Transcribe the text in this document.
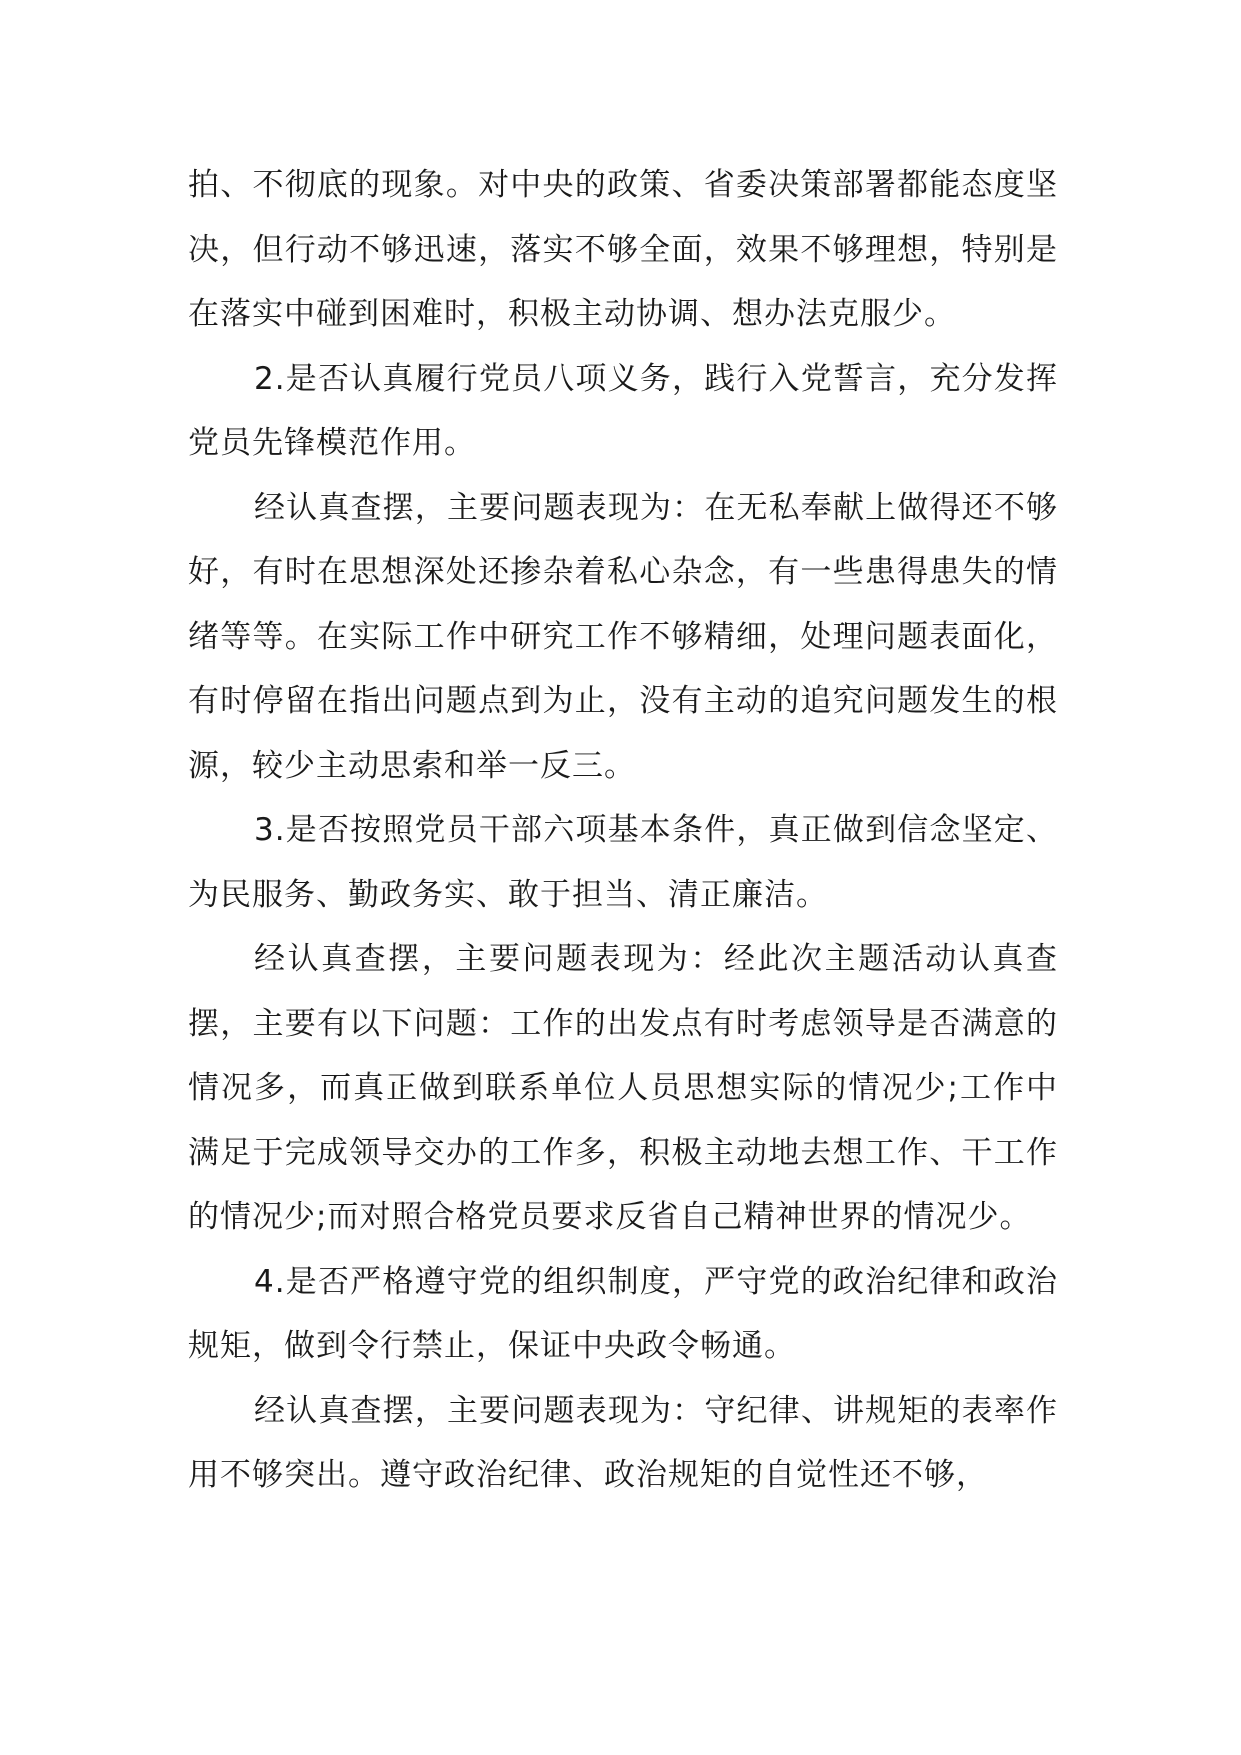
拍、不彻底的现象。对中央的政策、省委决策部署都能态度坚决，但行动不够迅速，落实不够全面，效果不够理想，特别是在落实中碰到困难时，积极主动协调、想办法克服少。

2.是否认真履行党员八项义务，践行入党誓言，充分发挥党员先锋模范作用。

经认真查摆，主要问题表现为：在无私奉献上做得还不够好，有时在思想深处还掺杂着私心杂念，有一些患得患失的情绪等等。在实际工作中研究工作不够精细，处理问题表面化，有时停留在指出问题点到为止，没有主动的追究问题发生的根源，较少主动思索和举一反三。

3.是否按照党员干部六项基本条件，真正做到信念坚定、为民服务、勤政务实、敢于担当、清正廉洁。

经认真查摆，主要问题表现为：经此次主题活动认真查摆，主要有以下问题：工作的出发点有时考虑领导是否满意的情况多，而真正做到联系单位人员思想实际的情况少;工作中满足于完成领导交办的工作多，积极主动地去想工作、干工作的情况少;而对照合格党员要求反省自己精神世界的情况少。

4.是否严格遵守党的组织制度，严守党的政治纪律和政治规矩，做到令行禁止，保证中央政令畅通。

经认真查摆，主要问题表现为：守纪律、讲规矩的表率作用不够突出。遵守政治纪律、政治规矩的自觉性还不够，
